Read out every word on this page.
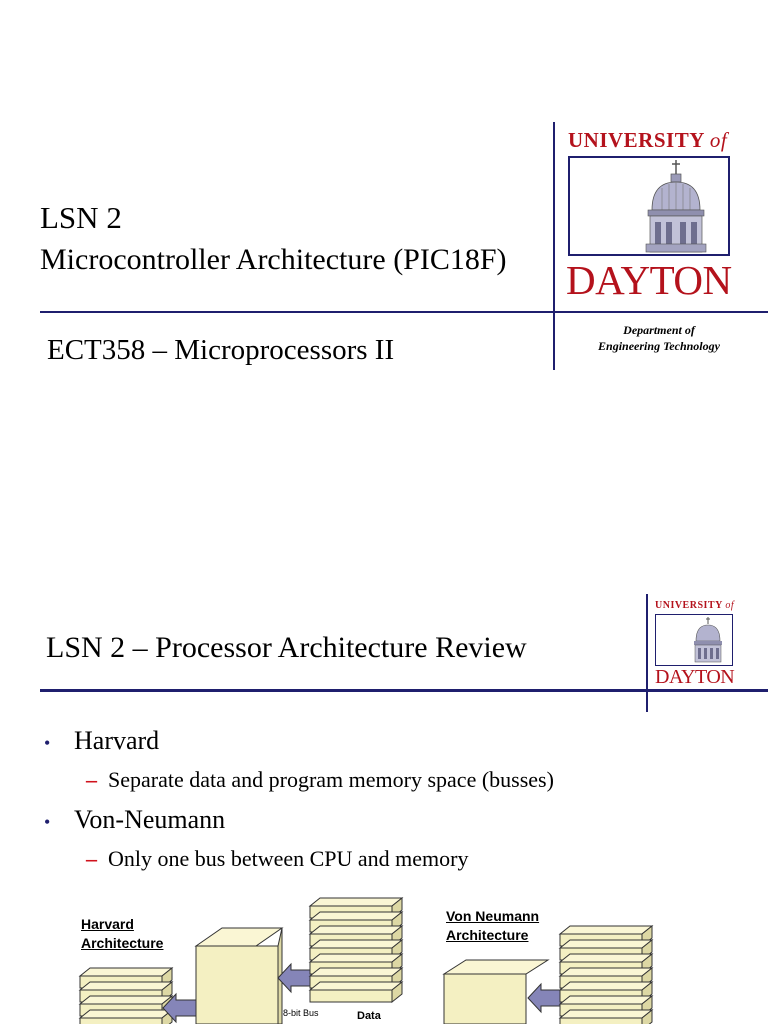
LSN 2
Microcontroller Architecture (PIC18F)
ECT358 – Microprocessors II
UNIVERSITY of
DAYTON
Department of
Engineering Technology
LSN 2 – Processor Architecture Review
UNIVERSITY of
DAYTON
• Harvard
– Separate data and program memory space (busses)
• Von-Neumann
– Only one bus between CPU and memory
Harvard
Architecture
Von Neumann
Architecture
8-bit Bus	Data
